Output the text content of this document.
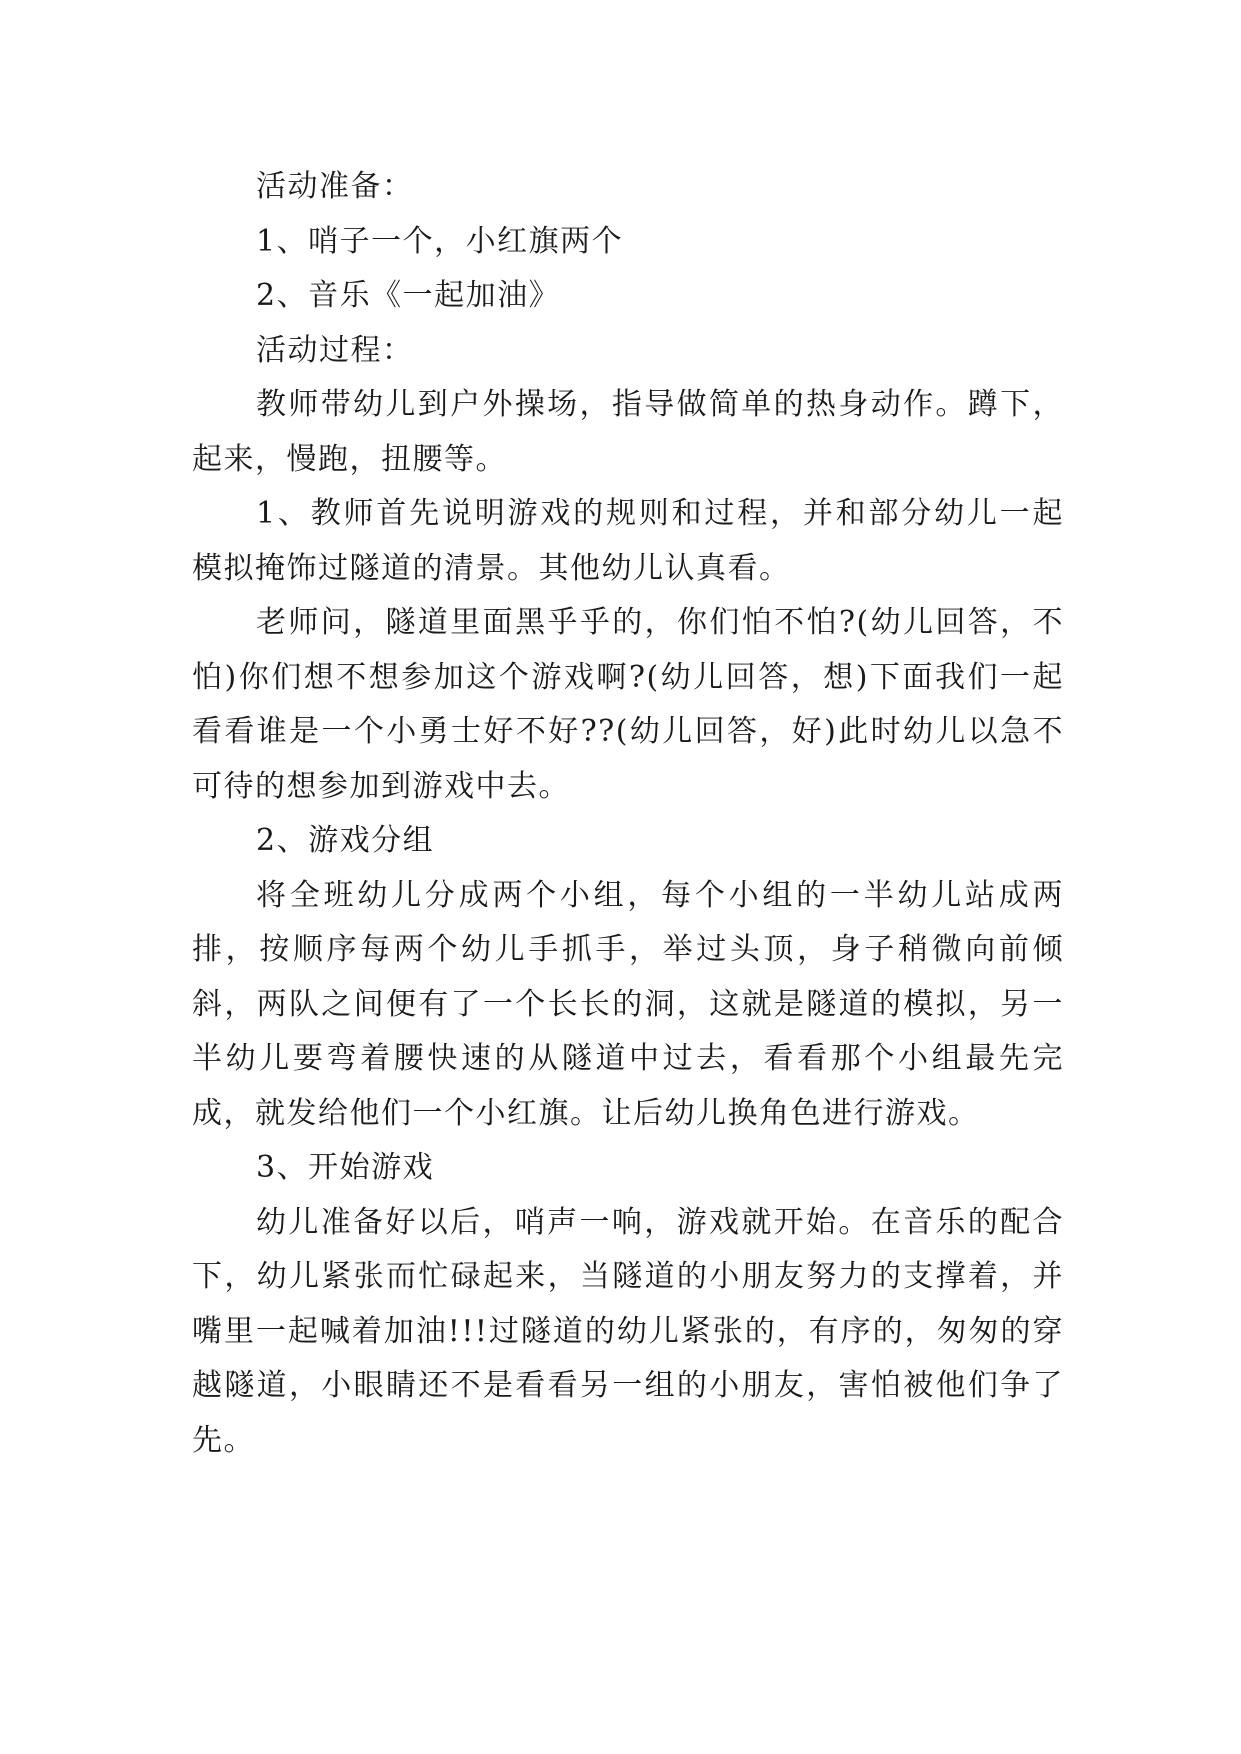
活动准备：

1、哨子一个，小红旗两个

2、音乐《一起加油》

活动过程：

教师带幼儿到户外操场，指导做简单的热身动作。蹲下，起来，慢跑，扭腰等。

1、教师首先说明游戏的规则和过程，并和部分幼儿一起模拟掩饰过隧道的清景。其他幼儿认真看。

老师问，隧道里面黑乎乎的，你们怕不怕?(幼儿回答，不怕)你们想不想参加这个游戏啊?(幼儿回答，想)下面我们一起看看谁是一个小勇士好不好??(幼儿回答，好)此时幼儿以急不可待的想参加到游戏中去。

2、游戏分组

将全班幼儿分成两个小组，每个小组的一半幼儿站成两排，按顺序每两个幼儿手抓手，举过头顶，身子稍微向前倾斜，两队之间便有了一个长长的洞，这就是隧道的模拟，另一半幼儿要弯着腰快速的从隧道中过去，看看那个小组最先完成，就发给他们一个小红旗。让后幼儿换角色进行游戏。

3、开始游戏

幼儿准备好以后，哨声一响，游戏就开始。在音乐的配合下，幼儿紧张而忙碌起来，当隧道的小朋友努力的支撑着，并嘴里一起喊着加油!!!过隧道的幼儿紧张的，有序的，匆匆的穿越隧道，小眼睛还不是看看另一组的小朋友，害怕被他们争了先。
